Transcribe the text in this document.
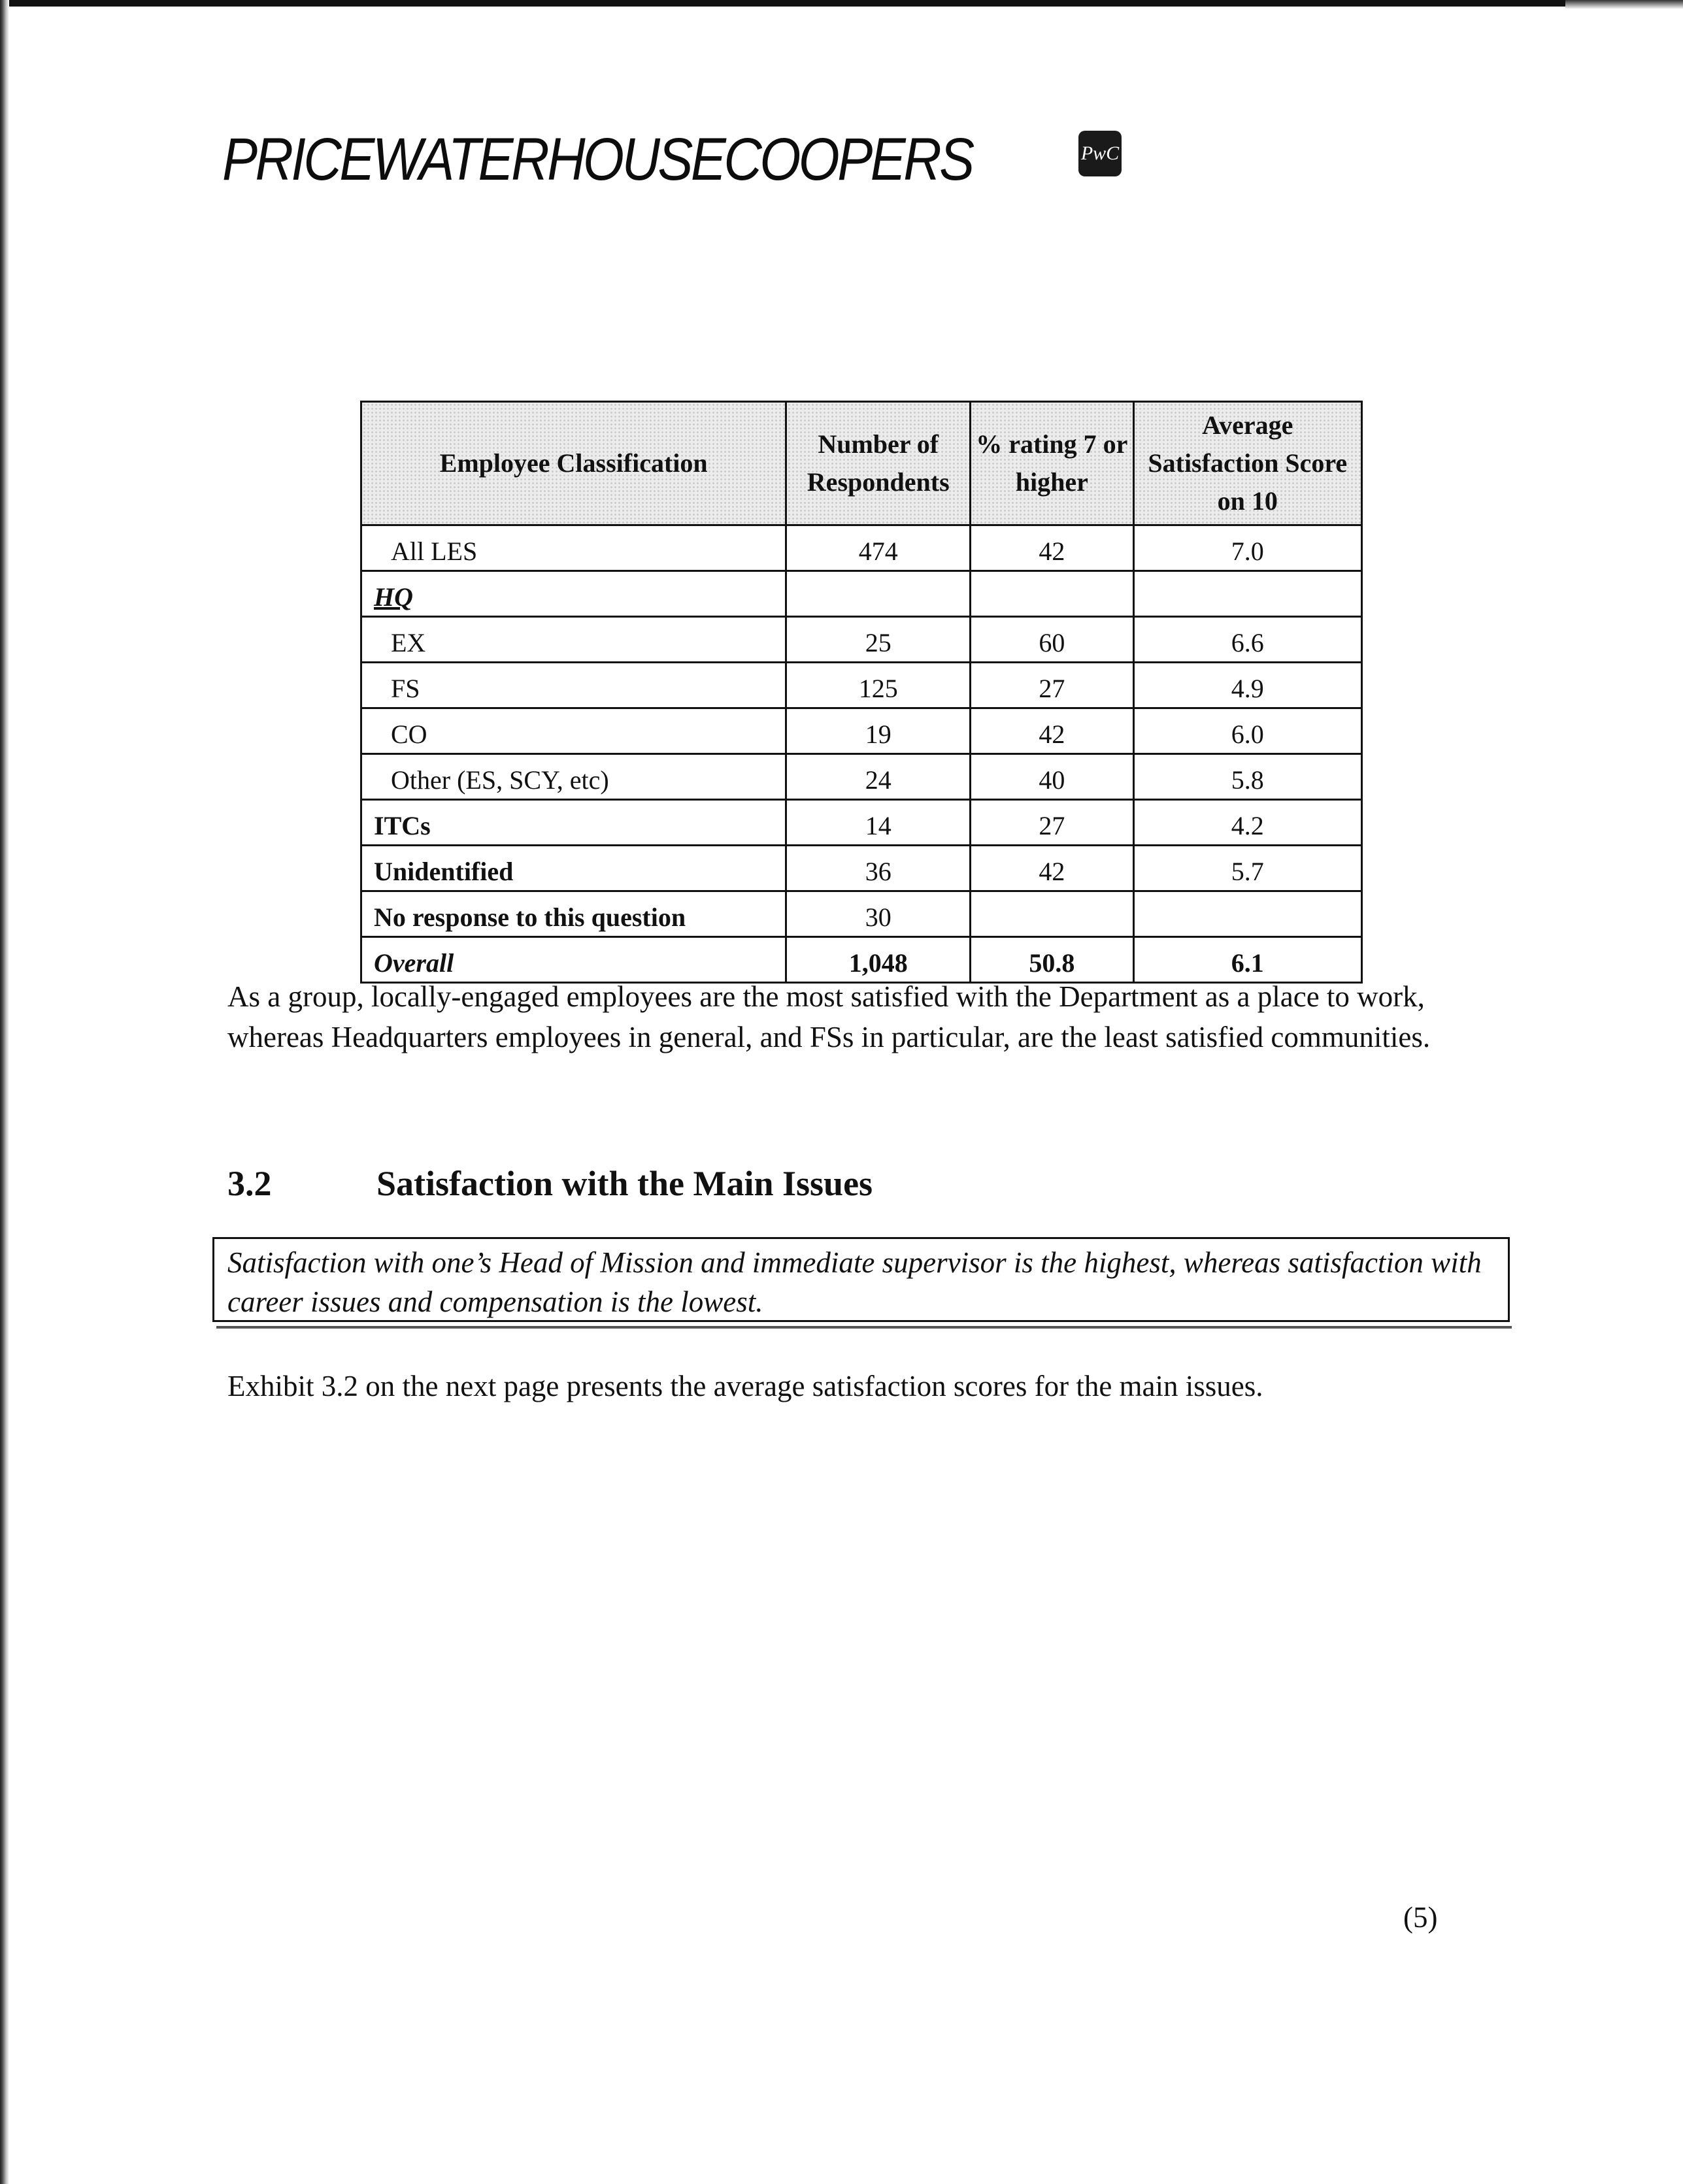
PRICEWATERHOUSECOOPERS	PwC
Employee Classification	Number of Respondents	% rating 7 or higher	Average Satisfaction Score on 10
All LES	474	42	7.0
HQ			
EX	25	60	6.6
FS	125	27	4.9
CO	19	42	6.0
Other (ES, SCY, etc)	24	40	5.8
ITCs	14	27	4.2
Unidentified	36	42	5.7
No response to this question	30		
Overall	1,048	50.8	6.1

As a group, locally-engaged employees are the most satisfied with the Department as a place to work, whereas Headquarters employees in general, and FSs in particular, are the least satisfied communities.

3.2	Satisfaction with the Main Issues
Satisfaction with one’s Head of Mission and immediate supervisor is the highest, whereas satisfaction with career issues and compensation is the lowest.

Exhibit 3.2 on the next page presents the average satisfaction scores for the main issues.

(5)
